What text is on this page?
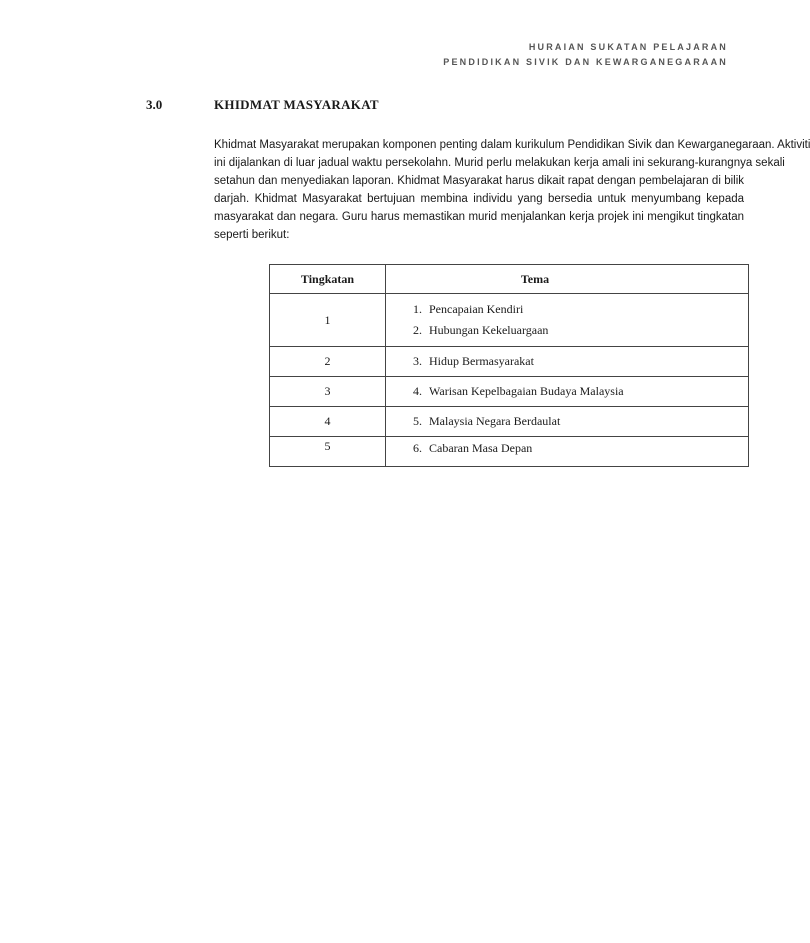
HURAIAN SUKATAN PELAJARAN
PENDIDIKAN SIVIK DAN KEWARGANEGARAAN
3.0	KHIDMAT MASYARAKAT
Khidmat Masyarakat merupakan komponen penting dalam kurikulum Pendidikan Sivik dan Kewarganegaraan. Aktiviti
ini dijalankan di luar jadual waktu persekolahn. Murid perlu melakukan kerja amali ini sekurang-kurangnya sekali
setahun dan menyediakan laporan. Khidmat Masyarakat harus dikait rapat dengan pembelajaran di bilik
darjah. Khidmat Masyarakat bertujuan membina individu yang bersedia untuk menyumbang kepada
masyarakat dan negara. Guru harus memastikan murid menjalankan kerja projek ini mengikut tingkatan
seperti berikut:
Tingkatan	Tema
1	1. Pencapaian Kendiri
2. Hubungan Kekeluargaan

2	3. Hidup Bermasyarakat

3	4. Warisan Kepelbagaian Budaya Malaysia

4	5. Malaysia Negara Berdaulat

5	6. Cabaran Masa Depan
